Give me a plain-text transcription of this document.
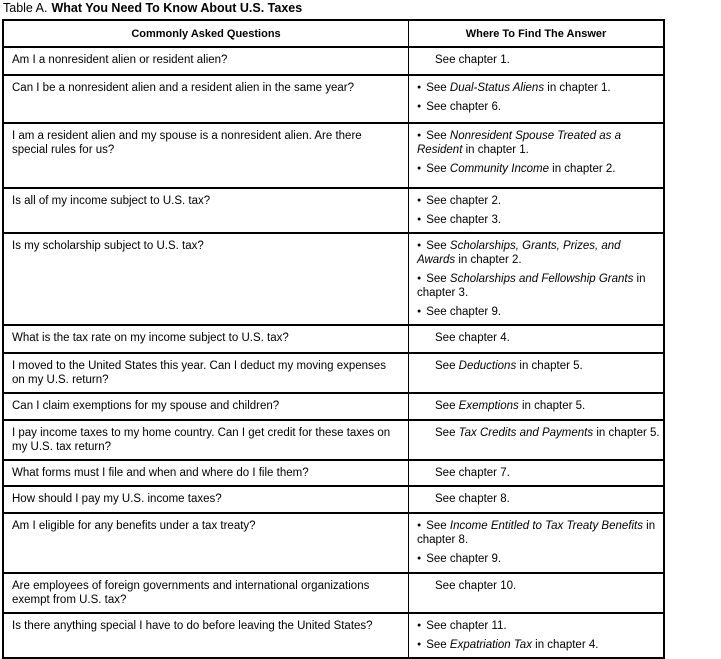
Table A. What You Need To Know About U.S. Taxes
Commonly Asked Questions	Where To Find The Answer
Am I a nonresident alien or resident alien?	See chapter 1.

Can I be a nonresident alien and a resident alien in the same year?	● See Dual-Status Aliens in chapter 1.
● See chapter 6.

I am a resident alien and my spouse is a nonresident alien. Are there special rules for us?	● See Nonresident Spouse Treated as a Resident in chapter 1.
● See Community Income in chapter 2.

Is all of my income subject to U.S. tax?	● See chapter 2.
● See chapter 3.

Is my scholarship subject to U.S. tax?	● See Scholarships, Grants, Prizes, and Awards in chapter 2.
● See Scholarships and Fellowship Grants in chapter 3.
● See chapter 9.

What is the tax rate on my income subject to U.S. tax?	See chapter 4.

I moved to the United States this year. Can I deduct my moving expenses on my U.S. return?	See Deductions in chapter 5.

Can I claim exemptions for my spouse and children?	See Exemptions in chapter 5.

I pay income taxes to my home country. Can I get credit for these taxes on my U.S. tax return?	See Tax Credits and Payments in chapter 5.

What forms must I file and when and where do I file them?	See chapter 7.

How should I pay my U.S. income taxes?	See chapter 8.

Am I eligible for any benefits under a tax treaty?	● See Income Entitled to Tax Treaty Benefits in chapter 8.
● See chapter 9.

Are employees of foreign governments and international organizations exempt from U.S. tax?	See chapter 10.

Is there anything special I have to do before leaving the United States?	● See chapter 11.
● See Expatriation Tax in chapter 4.
